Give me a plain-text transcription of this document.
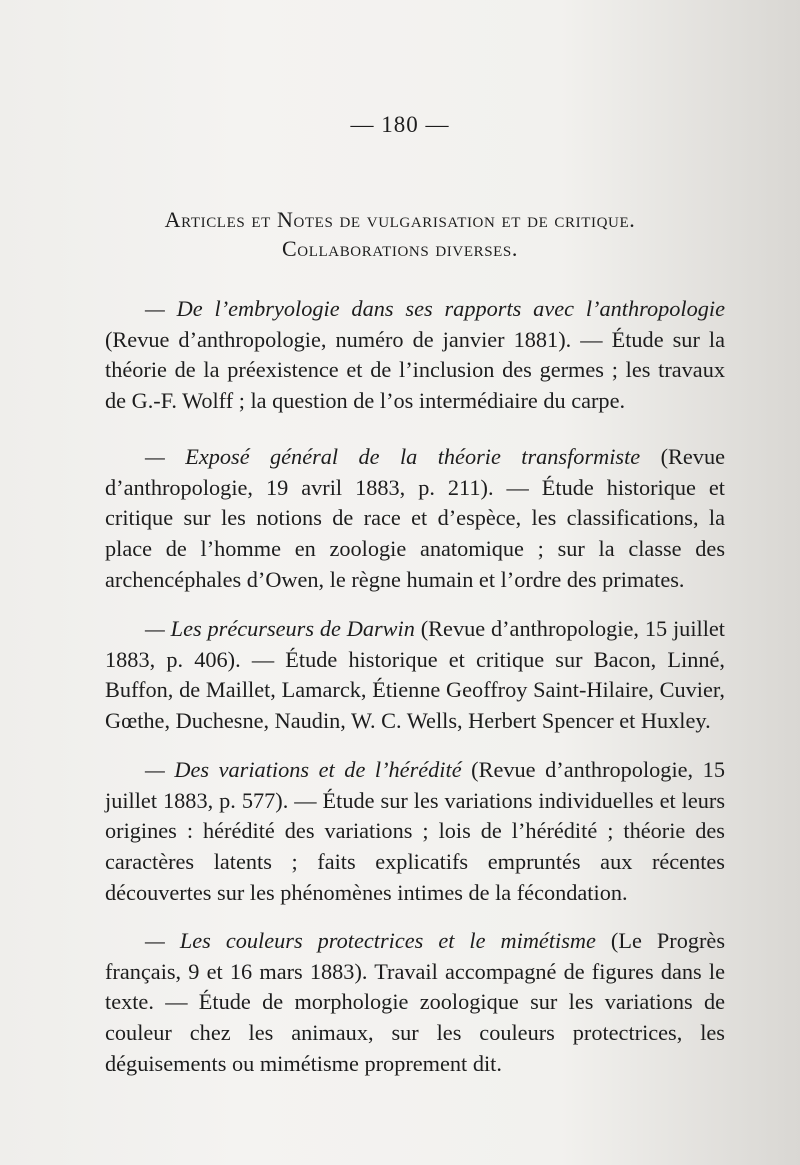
— 180 —
Articles et Notes de vulgarisation et de critique.
Collaborations diverses.
— De l’embryologie dans ses rapports avec l’anthropologie (Revue d’anthropologie, numéro de janvier 1881). — Étude sur la théorie de la préexistence et de l’inclusion des germes ; les travaux de G.-F. Wolff ; la question de l’os intermédiaire du carpe.
— Exposé général de la théorie transformiste (Revue d’anthropologie, 19 avril 1883, p. 211). — Étude historique et critique sur les notions de race et d’espèce, les classifications, la place de l’homme en zoologie anatomique ; sur la classe des archencéphales d’Owen, le règne humain et l’ordre des primates.
— Les précurseurs de Darwin (Revue d’anthropologie, 15 juillet 1883, p. 406). — Étude historique et critique sur Bacon, Linné, Buffon, de Maillet, Lamarck, Étienne Geoffroy Saint-Hilaire, Cuvier, Gœthe, Duchesne, Naudin, W. C. Wells, Herbert Spencer et Huxley.
— Des variations et de l’hérédité (Revue d’anthropologie, 15 juillet 1883, p. 577). — Étude sur les variations individuelles et leurs origines : hérédité des variations ; lois de l’hérédité ; théorie des caractères latents ; faits explicatifs empruntés aux récentes découvertes sur les phénomènes intimes de la fécondation.
— Les couleurs protectrices et le mimétisme (Le Progrès français, 9 et 16 mars 1883). Travail accompagné de figures dans le texte. — Étude de morphologie zoologique sur les variations de couleur chez les animaux, sur les couleurs protectrices, les déguisements ou mimétisme proprement dit.
